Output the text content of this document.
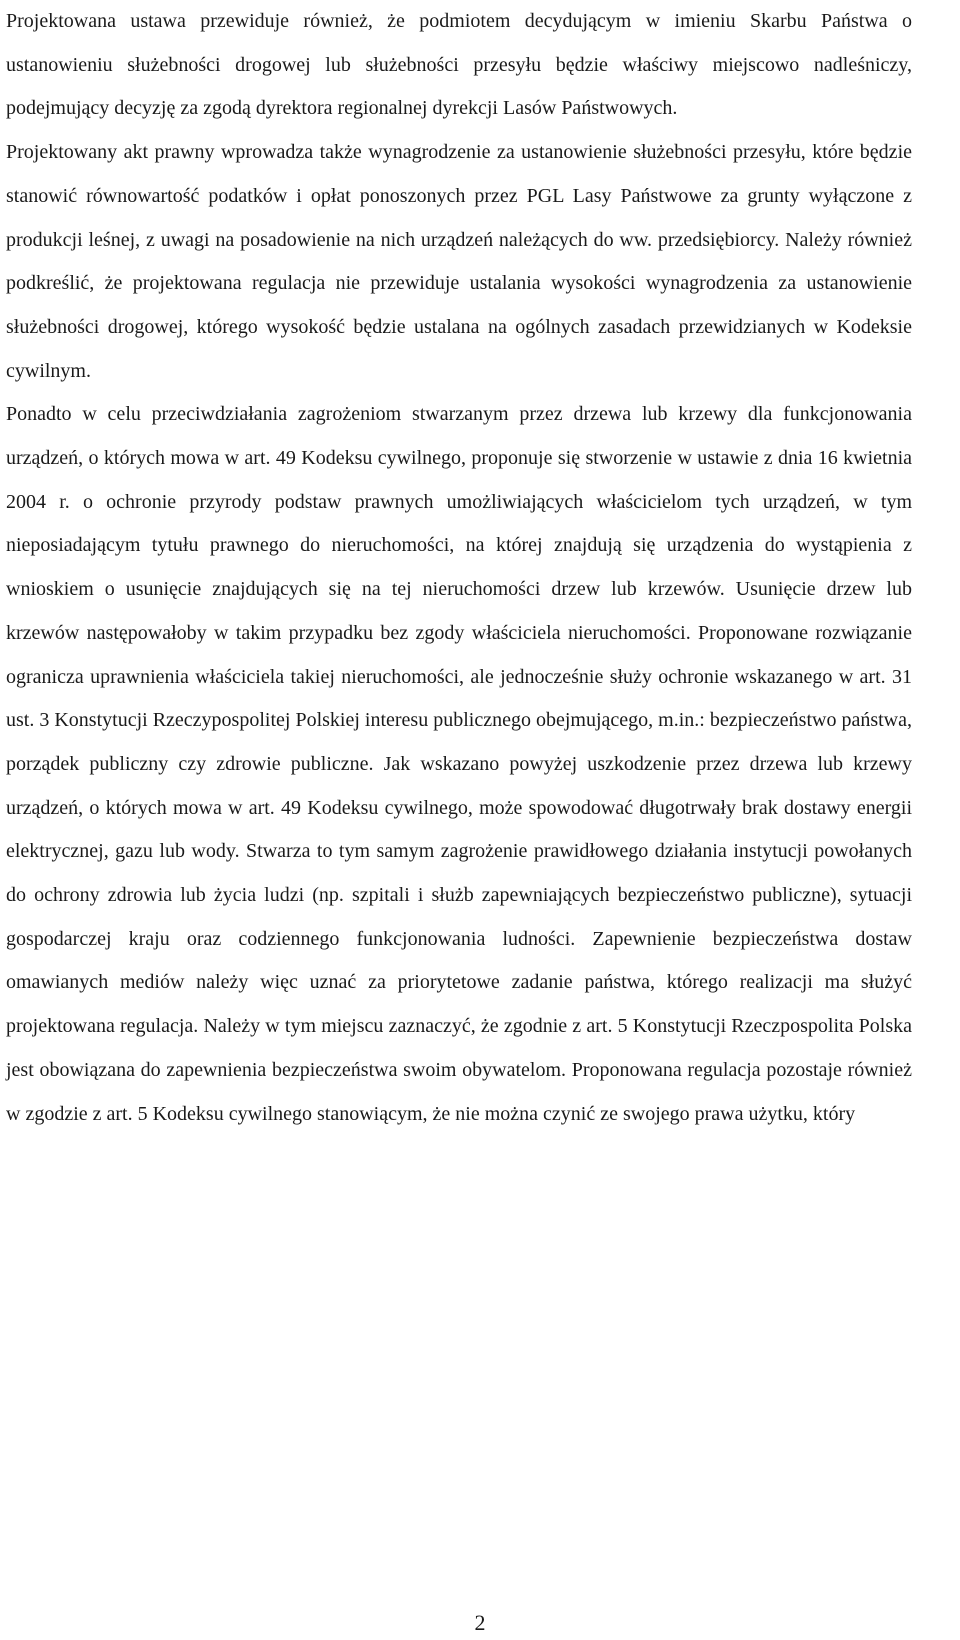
Projektowana ustawa przewiduje również, że podmiotem decydującym w imieniu Skarbu Państwa o ustanowieniu służebności drogowej lub służebności przesyłu będzie właściwy miejscowo nadleśniczy, podejmujący decyzję za zgodą dyrektora regionalnej dyrekcji Lasów Państwowych.

Projektowany akt prawny wprowadza także wynagrodzenie za ustanowienie służebności przesyłu, które będzie stanowić równowartość podatków i opłat ponoszonych przez PGL Lasy Państwowe za grunty wyłączone z produkcji leśnej, z uwagi na posadowienie na nich urządzeń należących do ww. przedsiębiorcy. Należy również podkreślić, że projektowana regulacja nie przewiduje ustalania wysokości wynagrodzenia za ustanowienie służebności drogowej, którego wysokość będzie ustalana na ogólnych zasadach przewidzianych w Kodeksie cywilnym.

Ponadto w celu przeciwdziałania zagrożeniom stwarzanym przez drzewa lub krzewy dla funkcjonowania urządzeń, o których mowa w art. 49 Kodeksu cywilnego, proponuje się stworzenie w ustawie z dnia 16 kwietnia 2004 r. o ochronie przyrody podstaw prawnych umożliwiających właścicielom tych urządzeń, w tym nieposiadającym tytułu prawnego do nieruchomości, na której znajdują się urządzenia do wystąpienia z wnioskiem o usunięcie znajdujących się na tej nieruchomości drzew lub krzewów. Usunięcie drzew lub krzewów następowałoby w takim przypadku bez zgody właściciela nieruchomości. Proponowane rozwiązanie ogranicza uprawnienia właściciela takiej nieruchomości, ale jednocześnie służy ochronie wskazanego w art. 31 ust. 3 Konstytucji Rzeczypospolitej Polskiej interesu publicznego obejmującego, m.in.: bezpieczeństwo państwa, porządek publiczny czy zdrowie publiczne. Jak wskazano powyżej uszkodzenie przez drzewa lub krzewy urządzeń, o których mowa w art. 49 Kodeksu cywilnego, może spowodować długotrwały brak dostawy energii elektrycznej, gazu lub wody. Stwarza to tym samym zagrożenie prawidłowego działania instytucji powołanych do ochrony zdrowia lub życia ludzi (np. szpitali i służb zapewniających bezpieczeństwo publiczne), sytuacji gospodarczej kraju oraz codziennego funkcjonowania ludności. Zapewnienie bezpieczeństwa dostaw omawianych mediów należy więc uznać za priorytetowe zadanie państwa, którego realizacji ma służyć projektowana regulacja. Należy w tym miejscu zaznaczyć, że zgodnie z art. 5 Konstytucji Rzeczpospolita Polska jest obowiązana do zapewnienia bezpieczeństwa swoim obywatelom. Proponowana regulacja pozostaje również w zgodzie z art. 5 Kodeksu cywilnego stanowiącym, że nie można czynić ze swojego prawa użytku, który

2
